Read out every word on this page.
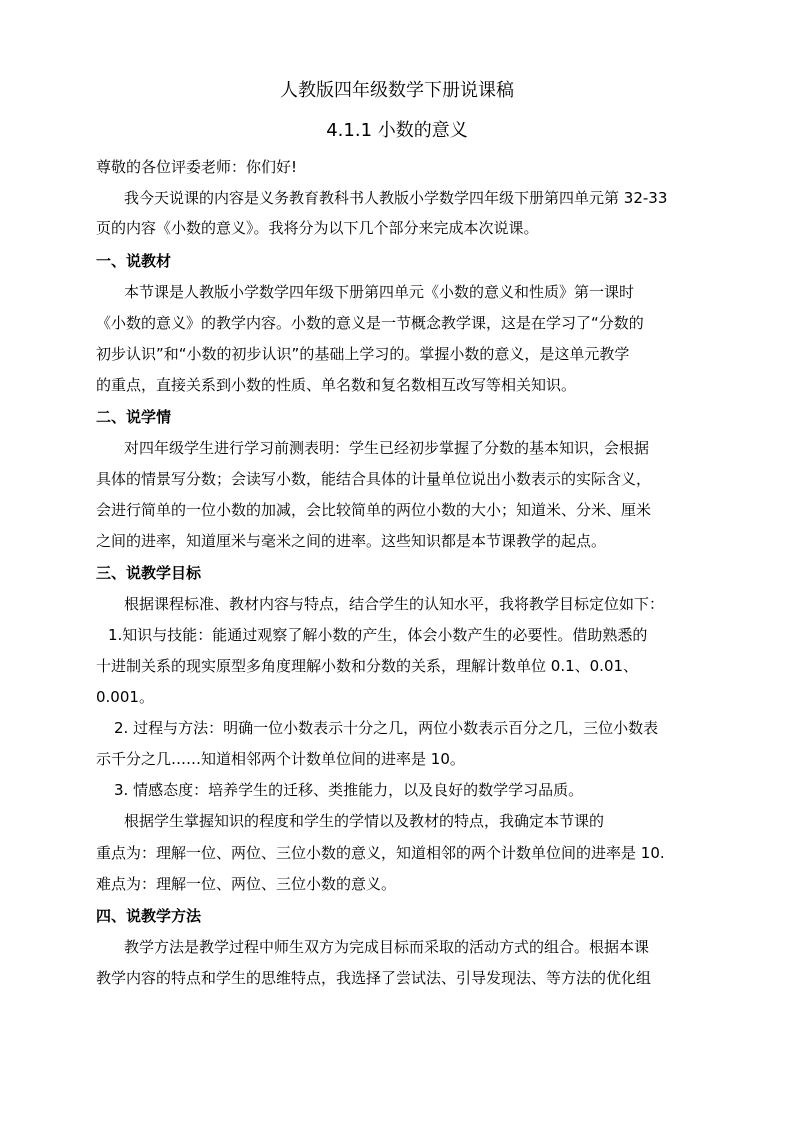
人教版四年级数学下册说课稿
4.1.1 小数的意义
尊敬的各位评委老师：你们好!
我今天说课的内容是义务教育教科书人教版小学数学四年级下册第四单元第 32-33
页的内容《小数的意义》。我将分为以下几个部分来完成本次说课。
一、说教材
本节课是人教版小学数学四年级下册第四单元《小数的意义和性质》第一课时
《小数的意义》的教学内容。小数的意义是一节概念教学课，这是在学习了“分数的
初步认识”和“小数的初步认识”的基础上学习的。掌握小数的意义，是这单元教学
的重点，直接关系到小数的性质、单名数和复名数相互改写等相关知识。
二、说学情
对四年级学生进行学习前测表明：学生已经初步掌握了分数的基本知识，会根据
具体的情景写分数；会读写小数，能结合具体的计量单位说出小数表示的实际含义，
会进行简单的一位小数的加减，会比较简单的两位小数的大小；知道米、分米、厘米
之间的进率，知道厘米与毫米之间的进率。这些知识都是本节课教学的起点。
三、说教学目标
根据课程标准、教材内容与特点，结合学生的认知水平，我将教学目标定位如下：
1.知识与技能：能通过观察了解小数的产生，体会小数产生的必要性。借助熟悉的
十进制关系的现实原型多角度理解小数和分数的关系，理解计数单位 0.1、0.01、
0.001。
2. 过程与方法：明确一位小数表示十分之几，两位小数表示百分之几，三位小数表
示千分之几……知道相邻两个计数单位间的进率是 10。
3. 情感态度：培养学生的迁移、类推能力，以及良好的数学学习品质。
根据学生掌握知识的程度和学生的学情以及教材的特点，我确定本节课的
重点为：理解一位、两位、三位小数的意义，知道相邻的两个计数单位间的进率是 10.
难点为：理解一位、两位、三位小数的意义。
四、说教学方法
教学方法是教学过程中师生双方为完成目标而采取的活动方式的组合。根据本课
教学内容的特点和学生的思维特点，我选择了尝试法、引导发现法、等方法的优化组
